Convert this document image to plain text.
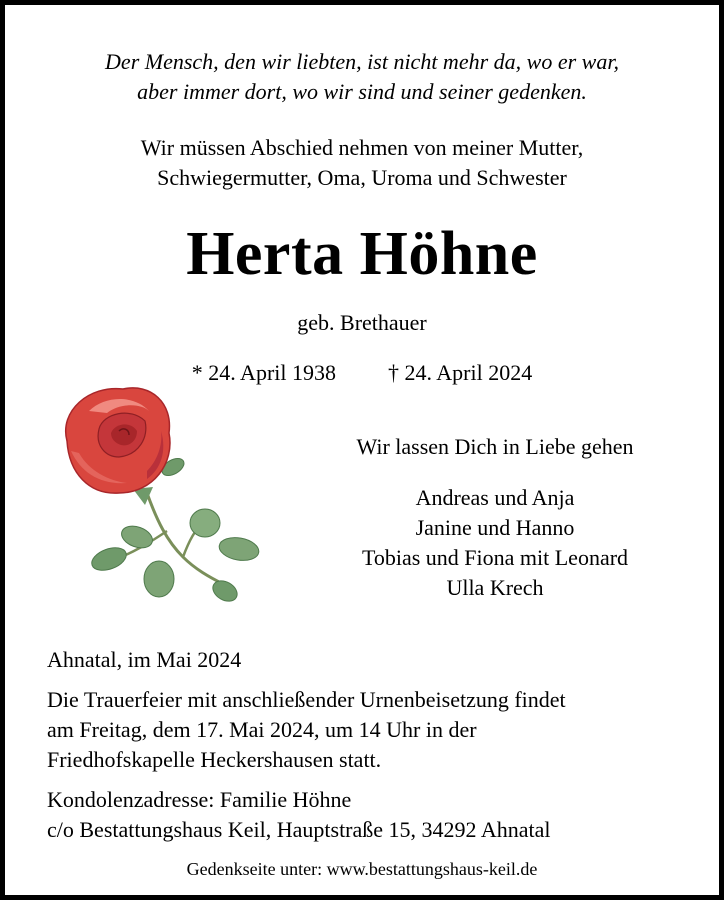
Der Mensch, den wir liebten, ist nicht mehr da, wo er war,
aber immer dort, wo wir sind und seiner gedenken.

Wir müssen Abschied nehmen von meiner Mutter,
Schwiegermutter, Oma, Uroma und Schwester

Herta Höhne

geb. Brethauer

* 24. April 1938 † 24. April 2024

Wir lassen Dich in Liebe gehen

Andreas und Anja
Janine und Hanno
Tobias und Fiona mit Leonard
Ulla Krech

Ahnatal, im Mai 2024

Die Trauerfeier mit anschließender Urnenbeisetzung findet
am Freitag, dem 17. Mai 2024, um 14 Uhr in der
Friedhofskapelle Heckershausen statt.

Kondolenzadresse: Familie Höhne
c/o Bestattungshaus Keil, Hauptstraße 15, 34292 Ahnatal

Gedenkseite unter: www.bestattungshaus-keil.de
